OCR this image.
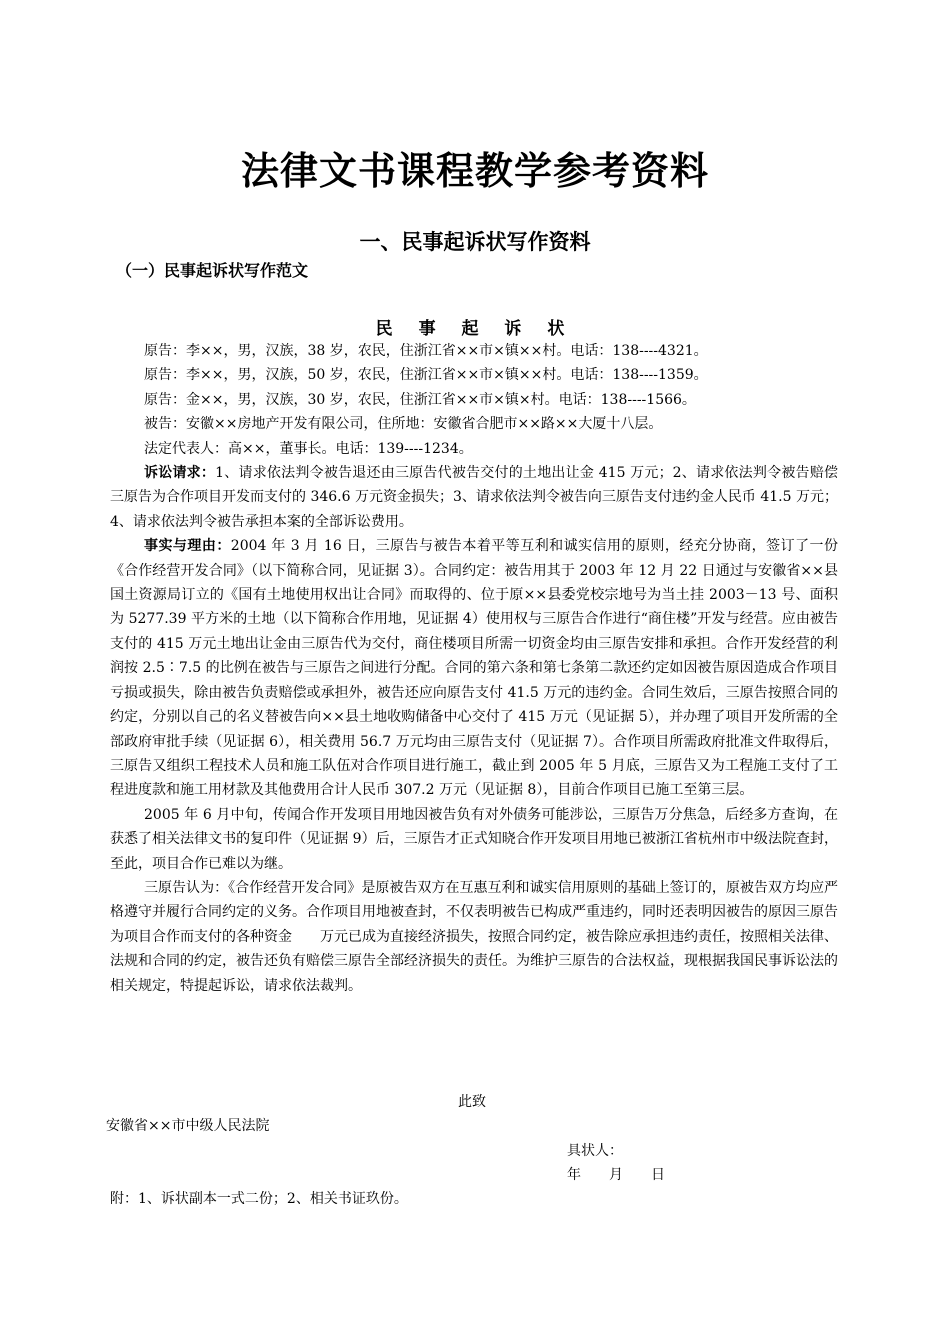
法律文书课程教学参考资料
一、民事起诉状写作资料
（一）民事起诉状写作范文
民 事 起 诉 状

原告：李××，男，汉族，38 岁，农民，住浙江省××市×镇××村。电话：138----4321。

原告：李××，男，汉族，50 岁，农民，住浙江省××市×镇××村。电话：138----1359。

原告：金××，男，汉族，30 岁，农民，住浙江省××市×镇×村。电话：138----1566。

被告：安徽××房地产开发有限公司，住所地：安徽省合肥市××路××大厦十八层。

法定代表人：高××，董事长。电话：139----1234。

诉讼请求：1、请求依法判令被告退还由三原告代被告交付的土地出让金 415 万元；2、请求依法判令被告赔偿三原告为合作项目开发而支付的 346.6 万元资金损失；3、请求依法判令被告向三原告支付违约金人民币 41.5 万元；4、请求依法判令被告承担本案的全部诉讼费用。

事实与理由：2004 年 3 月 16 日，三原告与被告本着平等互利和诚实信用的原则，经充分协商，签订了一份《合作经营开发合同》（以下简称合同，见证据 3）。合同约定：被告用其于 2003 年 12 月 22 日通过与安徽省××县国土资源局订立的《国有土地使用权出让合同》而取得的、位于原××县委党校宗地号为当土挂 2003－13 号、面积为 5277.39 平方米的土地（以下简称合作用地，见证据 4）使用权与三原告合作进行“商住楼”开发与经营。应由被告支付的 415 万元土地出让金由三原告代为交付，商住楼项目所需一切资金均由三原告安排和承担。合作开发经营的利润按 2.5∶7.5 的比例在被告与三原告之间进行分配。合同的第六条和第七条第二款还约定如因被告原因造成合作项目亏损或损失，除由被告负责赔偿或承担外，被告还应向原告支付 41.5 万元的违约金。合同生效后，三原告按照合同的约定，分别以自己的名义替被告向××县土地收购储备中心交付了 415 万元（见证据 5），并办理了项目开发所需的全部政府审批手续（见证据 6），相关费用 56.7 万元均由三原告支付（见证据 7）。合作项目所需政府批准文件取得后，三原告又组织工程技术人员和施工队伍对合作项目进行施工，截止到 2005 年 5 月底，三原告又为工程施工支付了工程进度款和施工用材款及其他费用合计人民币 307.2 万元（见证据 8），目前合作项目已施工至第三层。

2005 年 6 月中旬，传闻合作开发项目用地因被告负有对外债务可能涉讼，三原告万分焦急，后经多方查询，在获悉了相关法律文书的复印件（见证据 9）后，三原告才正式知晓合作开发项目用地已被浙江省杭州市中级法院查封，至此，项目合作已难以为继。

三原告认为：《合作经营开发合同》是原被告双方在互惠互利和诚实信用原则的基础上签订的，原被告双方均应严格遵守并履行合同约定的义务。合作项目用地被查封，不仅表明被告已构成严重违约，同时还表明因被告的原因三原告为项目合作而支付的各种资金　　万元已成为直接经济损失，按照合同约定，被告除应承担违约责任，按照相关法律、法规和合同的约定，被告还负有赔偿三原告全部经济损失的责任。为维护三原告的合法权益，现根据我国民事诉讼法的相关规定，特提起诉讼，请求依法裁判。

此致
安徽省××市中级人民法院
具状人：
年　　月　　日
附：1、诉状副本一式二份；2、相关书证玖份。
